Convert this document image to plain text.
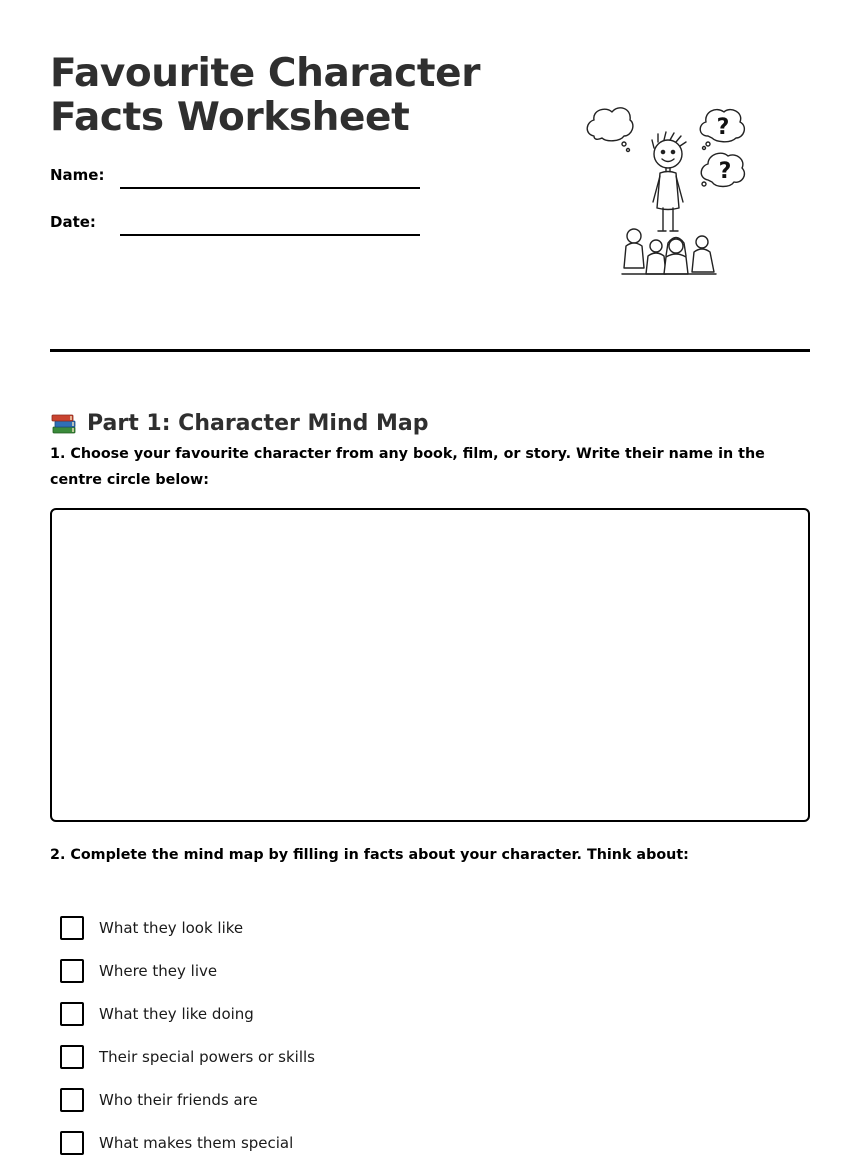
Favourite Character
Facts Worksheet
Name:
Date:
?
?
Part 1: Character Mind Map

1. Choose your favourite character from any book, film, or story. Write their name in the centre circle below:

2. Complete the mind map by filling in facts about your character. Think about:

What they look like
Where they live
What they like doing
Their special powers or skills
Who their friends are
What makes them special
